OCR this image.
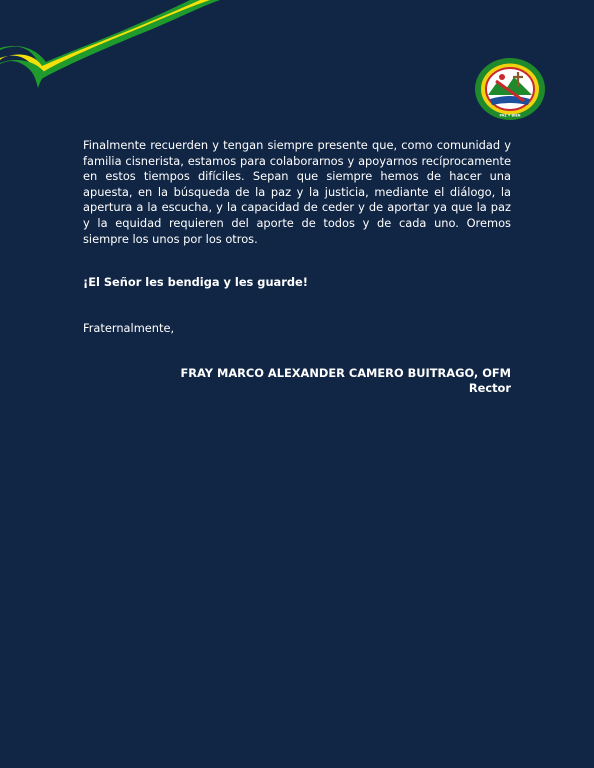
PAZ Y BIEN

Finalmente recuerden y tengan siempre presente que, como comunidad y familia cisnerista, estamos para colaborarnos y apoyarnos recíprocamente en estos tiempos difíciles. Sepan que siempre hemos de hacer una apuesta, en la búsqueda de la paz y la justicia, mediante el diálogo, la apertura a la escucha, y la capacidad de ceder y de aportar ya que la paz y la equidad requieren del aporte de todos y de cada uno. Oremos siempre los unos por los otros.

¡El Señor les bendiga y les guarde!

Fraternalmente,

FRAY MARCO ALEXANDER CAMERO BUITRAGO, OFM
Rector
